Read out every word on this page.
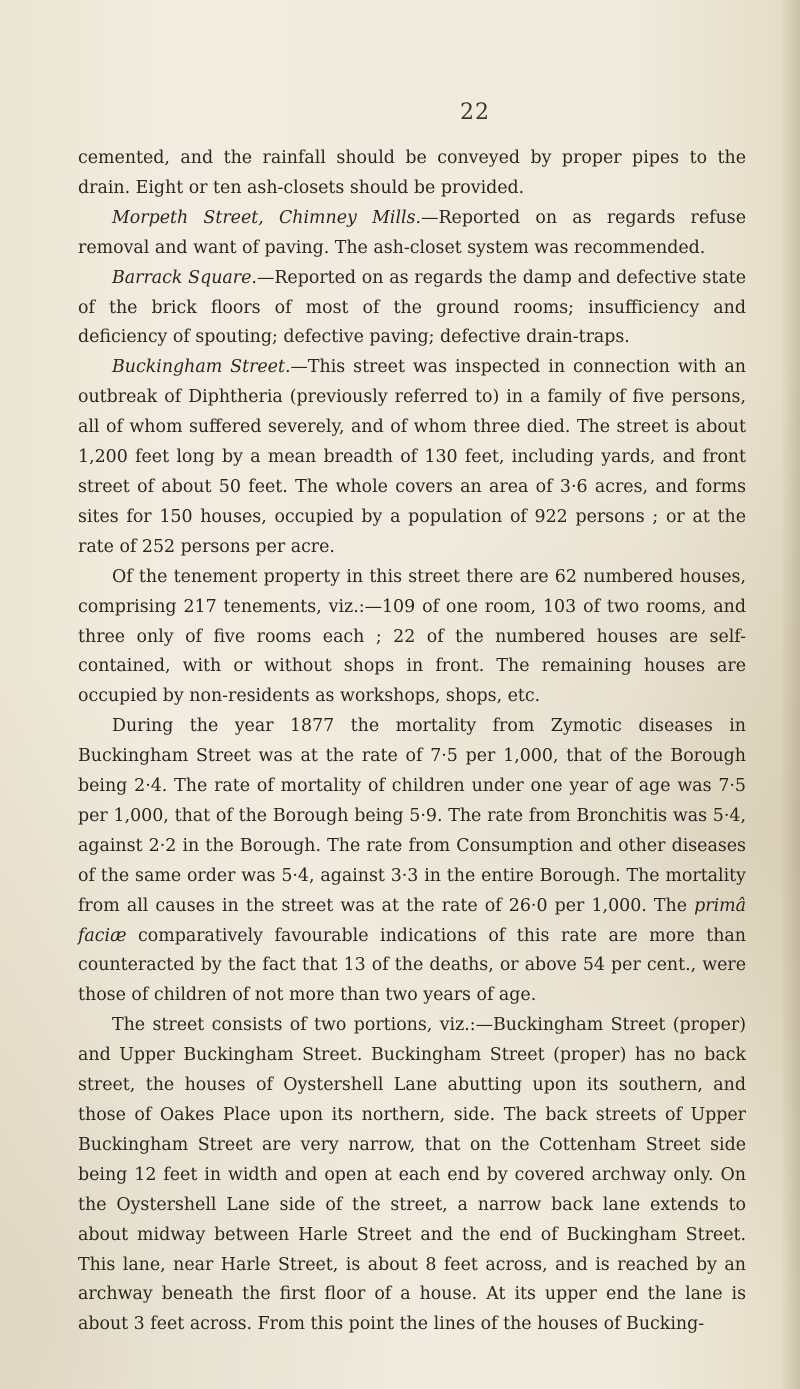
22

cemented, and the rainfall should be conveyed by proper pipes to the drain. Eight or ten ash-closets should be provided.

Morpeth Street, Chimney Mills.—Reported on as regards refuse removal and want of paving. The ash-closet system was recommended.

Barrack Square.—Reported on as regards the damp and defective state of the brick floors of most of the ground rooms; insufficiency and deficiency of spouting; defective paving; defective drain-traps.

Buckingham Street.—This street was inspected in connection with an outbreak of Diphtheria (previously referred to) in a family of five persons, all of whom suffered severely, and of whom three died. The street is about 1,200 feet long by a mean breadth of 130 feet, including yards, and front street of about 50 feet. The whole covers an area of 3·6 acres, and forms sites for 150 houses, occupied by a population of 922 persons ; or at the rate of 252 persons per acre.

Of the tenement property in this street there are 62 numbered houses, comprising 217 tenements, viz.:—109 of one room, 103 of two rooms, and three only of five rooms each ; 22 of the numbered houses are self-contained, with or without shops in front. The remaining houses are occupied by non-residents as workshops, shops, etc.

During the year 1877 the mortality from Zymotic diseases in Buckingham Street was at the rate of 7·5 per 1,000, that of the Borough being 2·4. The rate of mortality of children under one year of age was 7·5 per 1,000, that of the Borough being 5·9. The rate from Bronchitis was 5·4, against 2·2 in the Borough. The rate from Consumption and other diseases of the same order was 5·4, against 3·3 in the entire Borough. The mortality from all causes in the street was at the rate of 26·0 per 1,000. The primâ faciæ comparatively favourable indications of this rate are more than counteracted by the fact that 13 of the deaths, or above 54 per cent., were those of children of not more than two years of age.

The street consists of two portions, viz.:—Buckingham Street (proper) and Upper Buckingham Street. Buckingham Street (proper) has no back street, the houses of Oystershell Lane abutting upon its southern, and those of Oakes Place upon its northern, side. The back streets of Upper Buckingham Street are very narrow, that on the Cottenham Street side being 12 feet in width and open at each end by covered archway only. On the Oystershell Lane side of the street, a narrow back lane extends to about midway between Harle Street and the end of Buckingham Street. This lane, near Harle Street, is about 8 feet across, and is reached by an archway beneath the first floor of a house. At its upper end the lane is about 3 feet across. From this point the lines of the houses of Bucking-
